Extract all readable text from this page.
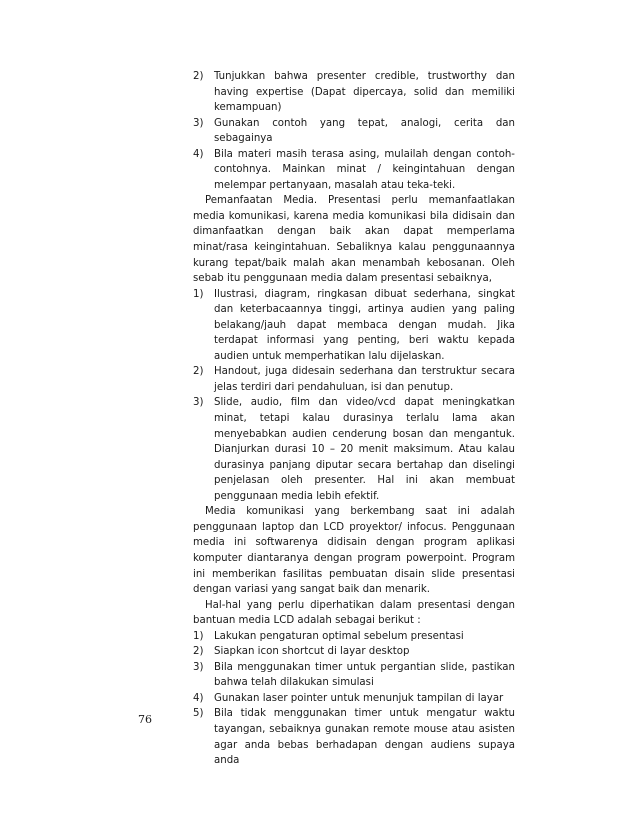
2) Tunjukkan bahwa presenter credible, trustworthy dan having expertise (Dapat dipercaya, solid dan memiliki kemampuan)
3) Gunakan contoh yang tepat, analogi, cerita dan sebagainya
4) Bila materi masih terasa asing, mulailah dengan contoh-contohnya. Mainkan minat / keingintahuan dengan melempar pertanyaan, masalah atau teka-teki.

Pemanfaatan Media. Presentasi perlu memanfaatlakan media komunikasi, karena media komunikasi bila didisain dan dimanfaatkan dengan baik akan dapat memperlama minat/rasa keingintahuan. Sebaliknya kalau penggunaannya kurang tepat/baik malah akan menambah kebosanan. Oleh sebab itu penggunaan media dalam presentasi sebaiknya,

1) Ilustrasi, diagram, ringkasan dibuat sederhana, singkat dan keterbacaannya tinggi, artinya audien yang paling belakang/jauh dapat membaca dengan mudah. Jika terdapat informasi yang penting, beri waktu kepada audien untuk memperhatikan lalu dijelaskan.
2) Handout, juga didesain sederhana dan terstruktur secara jelas terdiri dari pendahuluan, isi dan penutup.
3) Slide, audio, film dan video/vcd dapat meningkatkan minat, tetapi kalau durasinya terlalu lama akan menyebabkan audien cenderung bosan dan mengantuk. Dianjurkan durasi 10 – 20 menit maksimum. Atau kalau durasinya panjang diputar secara bertahap dan diselingi penjelasan oleh presenter. Hal ini akan membuat penggunaan media lebih efektif.

Media komunikasi yang berkembang saat ini adalah penggunaan laptop dan LCD proyektor/ infocus. Penggunaan media ini softwarenya didisain dengan program aplikasi komputer diantaranya dengan program powerpoint. Program ini memberikan fasilitas pembuatan disain slide presentasi dengan variasi yang sangat baik dan menarik.

Hal-hal yang perlu diperhatikan dalam presentasi dengan bantuan media LCD adalah sebagai berikut :

1) Lakukan pengaturan optimal sebelum presentasi
2) Siapkan icon shortcut di layar desktop
3) Bila menggunakan timer untuk pergantian slide, pastikan bahwa telah dilakukan simulasi
4) Gunakan laser pointer untuk menunjuk tampilan di layar
5) Bila tidak menggunakan timer untuk mengatur waktu tayangan, sebaiknya gunakan remote mouse atau asisten agar anda bebas berhadapan dengan audiens supaya anda
76
